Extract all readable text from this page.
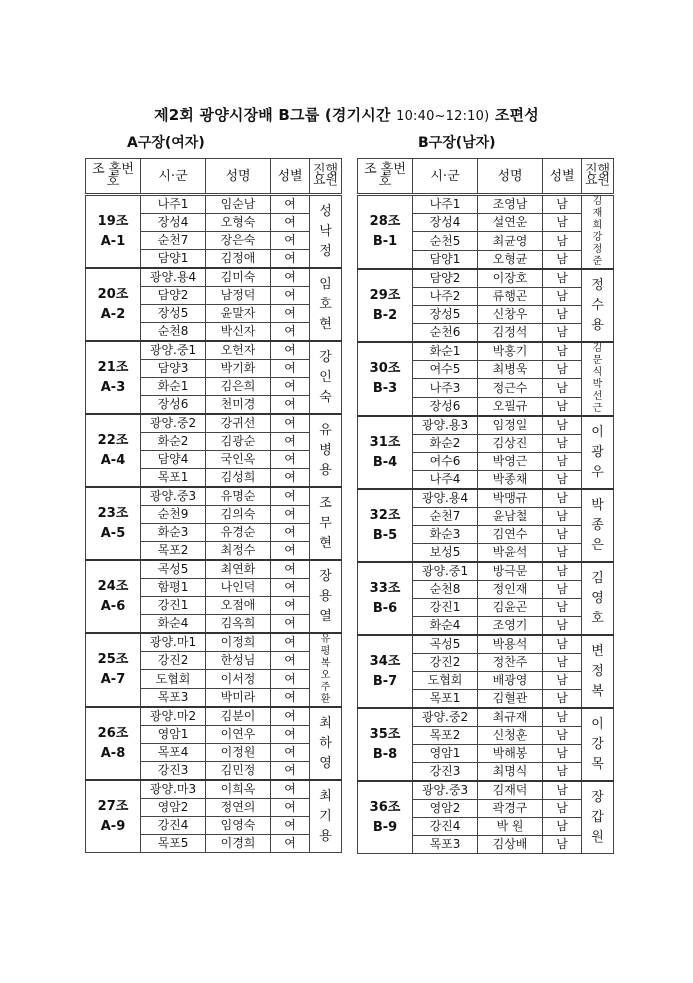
제2회 광양시장배 B그룹 (경기시간 10:40~12:10) 조편성
A구장(여자)	B구장(남자)
조 홀번호	시·군	성명	성별	진행 요원
19조
A-1	나주1	임순남	여	성낙정
	장성4	오형숙	여	
	순천7	장은숙	여	
	담양1	김정애	여	
20조
A-2	광양.용4	김미숙	여	임호현
	담양2	남정덕	여	
	장성5	윤말자	여	
	순천8	박신자	여	
21조
A-3	광양.중1	오헌자	여	강인숙
	담양3	박기화	여	
	화순1	김은희	여	
	장성6	천미경	여	
22조
A-4	광양.중2	강귀선	여	유병용
	화순2	김광순	여	
	담양4	국인옥	여	
	목포1	김성희	여	
23조
A-5	광양.중3	유명순	여	조무현
	순천9	김의숙	여	
	화순3	유경순	여	
	목포2	최정수	여	
24조
A-6	곡성5	최연화	여	장용열
	함평1	나인덕	여	
	강진1	오점애	여	
	화순4	김옥희	여	
25조
A-7	광양.마1	이정희	여	유평복오주환
	강진2	한성님	여	
	도협회	이서정	여	
	목포3	박미라	여	
26조
A-8	광양.마2	김분이	여	최하영
	영암1	이연우	여	
	목포4	이정원	여	
	강진3	김민정	여	
27조
A-9	광양.마3	이희옥	여	최기용
	영암2	정연의	여	
	강진4	임영숙	여	
	목포5	이경희	여	
조 홀번호	시·군	성명	성별	진행 요원
28조
B-1	나주1	조영남	남	김재희강정준
	장성4	설연운	남	
	순천5	최균영	남	
	담양1	오형균	남	
29조
B-2	담양2	이장호	남	정수용
	나주2	류행곤	남	
	장성5	신창우	남	
	순천6	김정석	남	
30조
B-3	화순1	박홍기	남	김문식박선근
	여수5	최병욱	남	
	나주3	정근수	남	
	장성6	오필규	남	
31조
B-4	광양.용3	임정일	남	이광우
	화순2	김상진	남	
	여수6	박영근	남	
	나주4	박종채	남	
32조
B-5	광양.용4	박맹규	남	박종은
	순천7	윤남철	남	
	화순3	김연수	남	
	보성5	박윤석	남	
33조
B-6	광양.중1	방극문	남	김영호
	순천8	정인재	남	
	강진1	김윤곤	남	
	화순4	조영기	남	
34조
B-7	곡성5	박용석	남	변정복
	강진2	정찬주	남	
	도협회	배광영	남	
	목포1	김혈관	남	
35조
B-8	광양.중2	최규재	남	이강목
	목포2	신청훈	남	
	영암1	박해봉	남	
	강진3	최명식	남	
36조
B-9	광양.중3	김재덕	남	장갑원
	영암2	곽경구	남	
	강진4	박 원	남	
	목포3	김상배	남	
